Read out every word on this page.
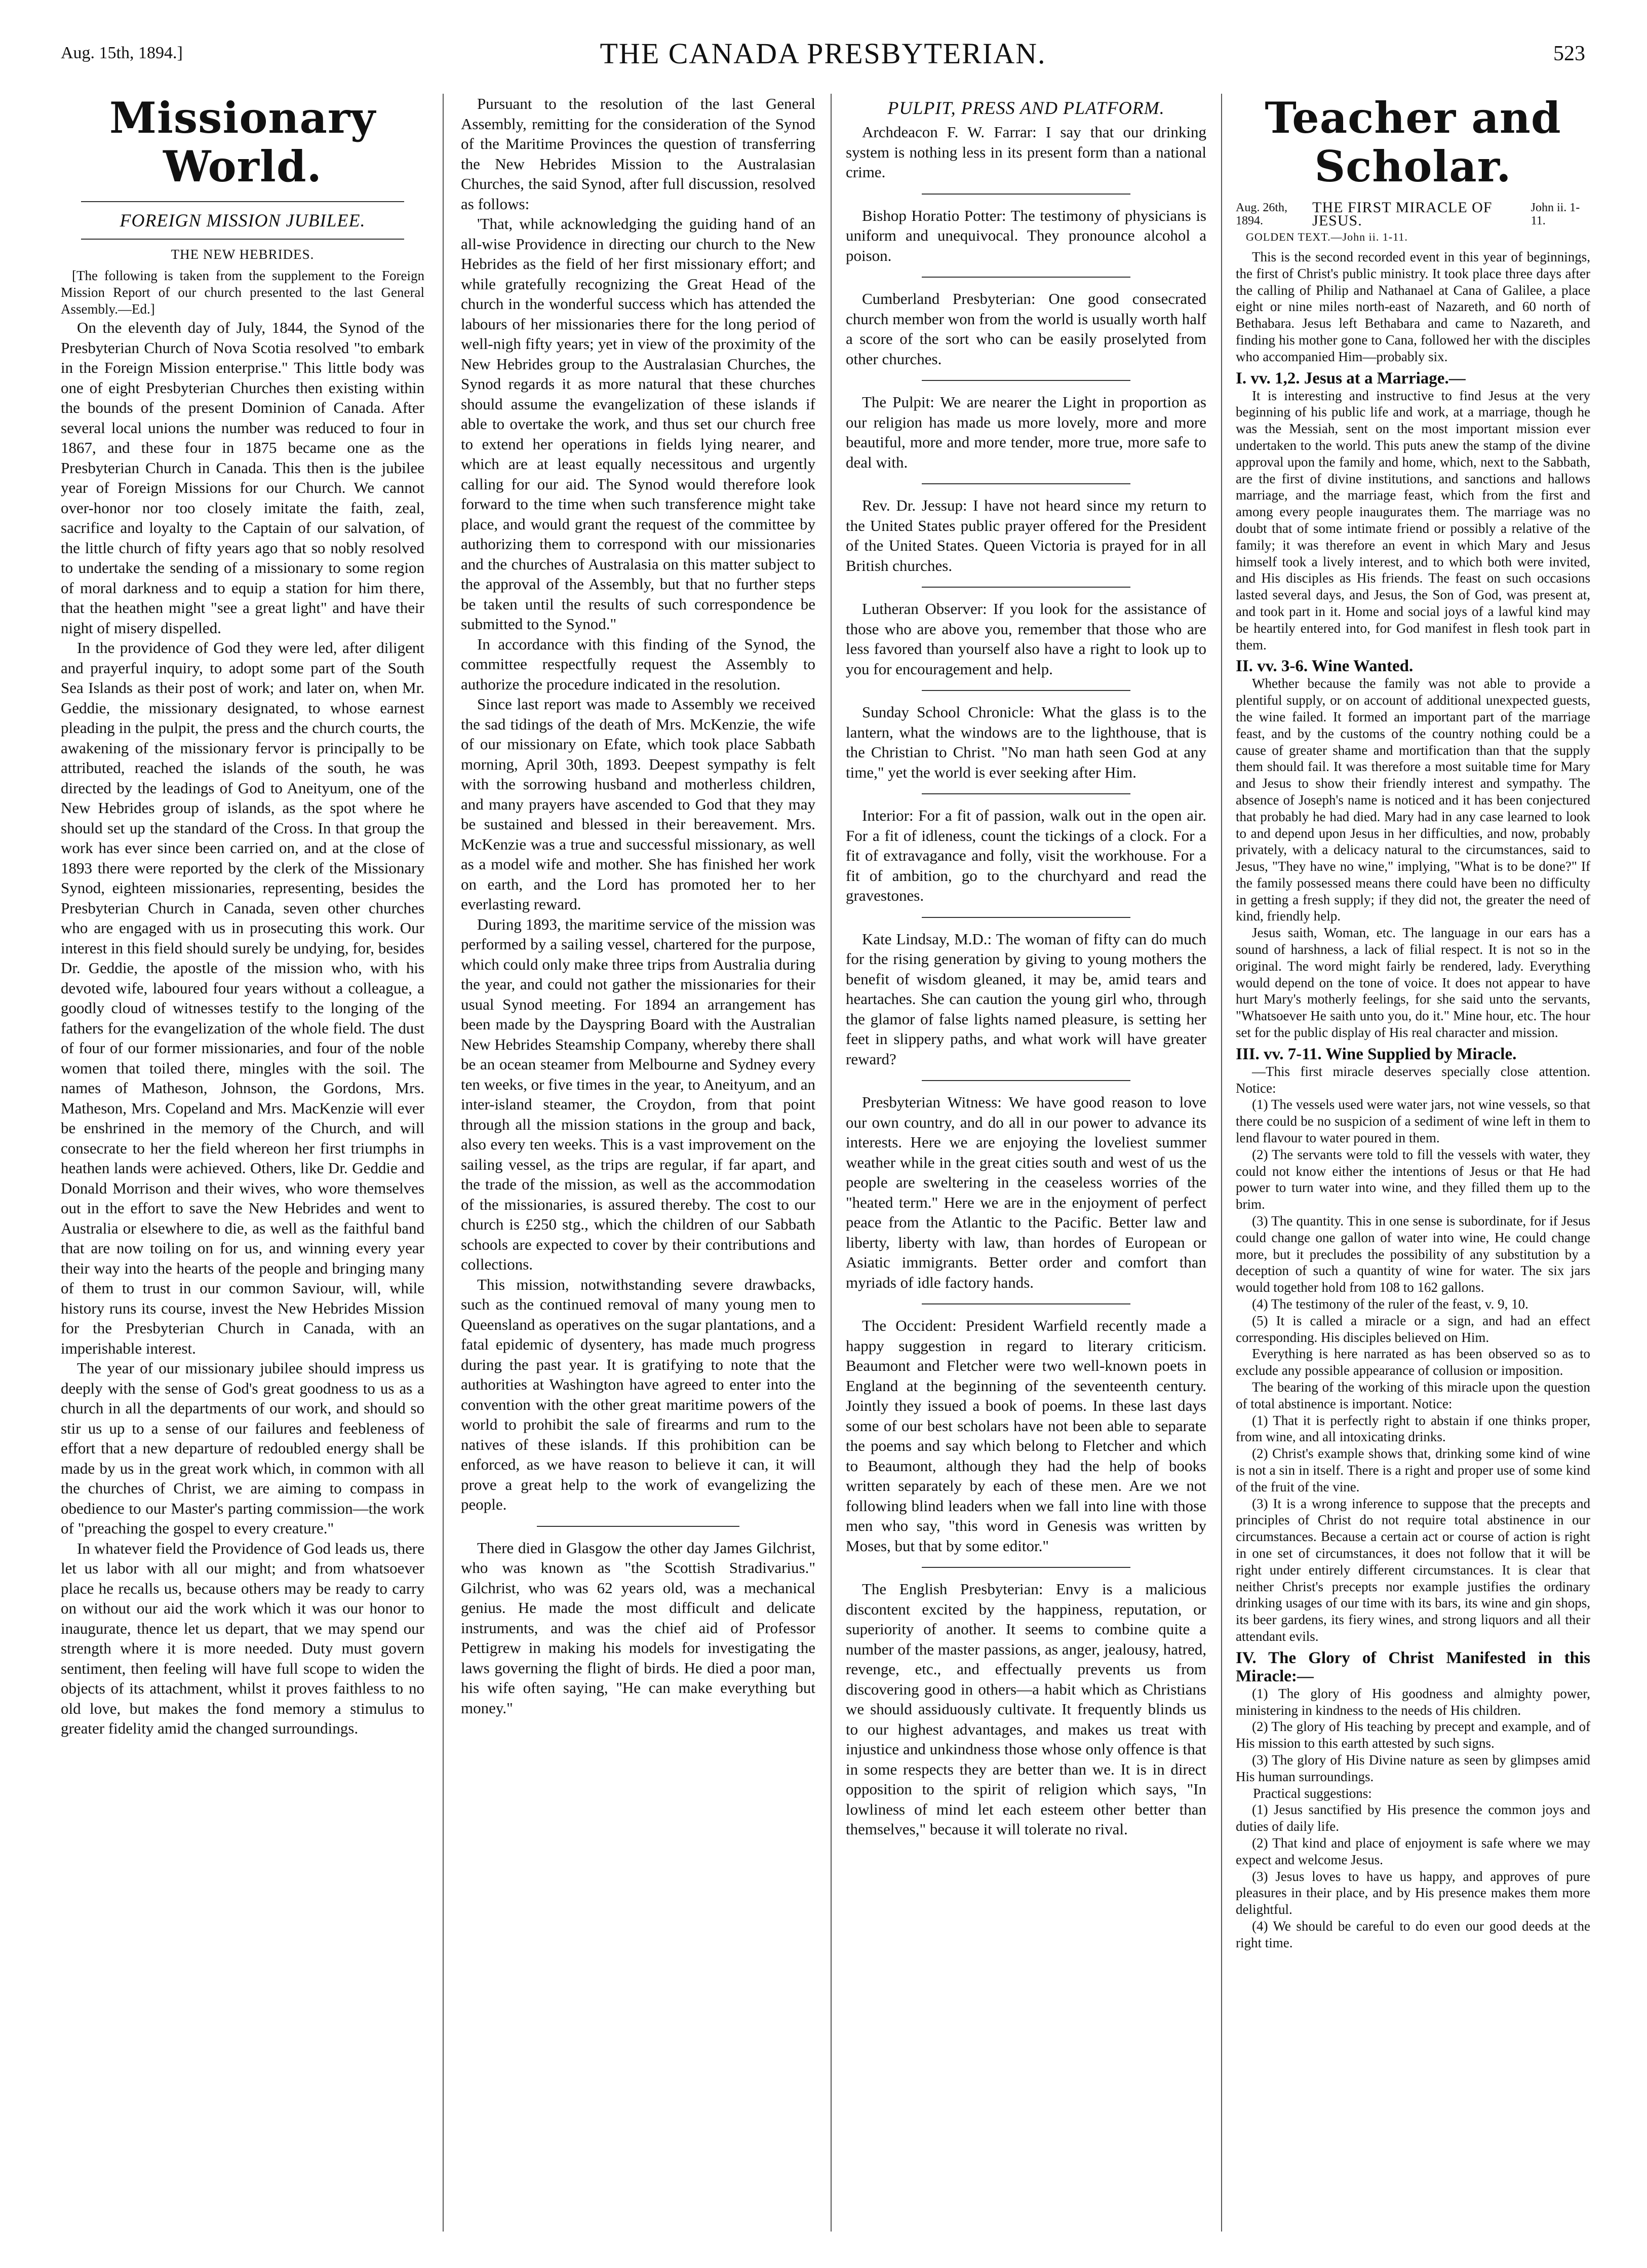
Aug. 15th, 1894.]	THE CANADA PRESBYTERIAN.	523
Missionary World.
FOREIGN MISSION JUBILEE.
THE NEW HEBRIDES.

[The following is taken from the supplement to the Foreign Mission Report of our church presented to the last General Assembly.—Ed.]

On the eleventh day of July, 1844, the Synod of the Presbyterian Church of Nova Scotia resolved "to embark in the Foreign Mission enterprise." This little body was one of eight Presbyterian Churches then existing within the bounds of the present Dominion of Canada. After several local unions the number was reduced to four in 1867, and these four in 1875 became one as the Presbyterian Church in Canada. This then is the jubilee year of Foreign Missions for our Church. We cannot over-honor nor too closely imitate the faith, zeal, sacrifice and loyalty to the Captain of our salvation, of the little church of fifty years ago that so nobly resolved to undertake the sending of a missionary to some region of moral darkness and to equip a station for him there, that the heathen might "see a great light" and have their night of misery dispelled.

In the providence of God they were led, after diligent and prayerful inquiry, to adopt some part of the South Sea Islands as their post of work; and later on, when Mr. Geddie, the missionary designated, to whose earnest pleading in the pulpit, the press and the church courts, the awakening of the missionary fervor is principally to be attributed, reached the islands of the south, he was directed by the leadings of God to Aneityum, one of the New Hebrides group of islands, as the spot where he should set up the standard of the Cross. In that group the work has ever since been carried on, and at the close of 1893 there were reported by the clerk of the Missionary Synod, eighteen missionaries, representing, besides the Presbyterian Church in Canada, seven other churches who are engaged with us in prosecuting this work. Our interest in this field should surely be undying, for, besides Dr. Geddie, the apostle of the mission who, with his devoted wife, laboured four years without a colleague, a goodly cloud of witnesses testify to the longing of the fathers for the evangelization of the whole field. The dust of four of our former missionaries, and four of the noble women that toiled there, mingles with the soil. The names of Matheson, Johnson, the Gordons, Mrs. Matheson, Mrs. Copeland and Mrs. MacKenzie will ever be enshrined in the memory of the Church, and will consecrate to her the field whereon her first triumphs in heathen lands were achieved. Others, like Dr. Geddie and Donald Morrison and their wives, who wore themselves out in the effort to save the New Hebrides and went to Australia or elsewhere to die, as well as the faithful band that are now toiling on for us, and winning every year their way into the hearts of the people and bringing many of them to trust in our common Saviour, will, while history runs its course, invest the New Hebrides Mission for the Presbyterian Church in Canada, with an imperishable interest.

The year of our missionary jubilee should impress us deeply with the sense of God's great goodness to us as a church in all the departments of our work, and should so stir us up to a sense of our failures and feebleness of effort that a new departure of redoubled energy shall be made by us in the great work which, in common with all the churches of Christ, we are aiming to compass in obedience to our Master's parting commission—the work of "preaching the gospel to every creature."

In whatever field the Providence of God leads us, there let us labor with all our might; and from whatsoever place he recalls us, because others may be ready to carry on without our aid the work which it was our honor to inaugurate, thence let us depart, that we may spend our strength where it is more needed. Duty must govern sentiment, then feeling will have full scope to widen the objects of its attachment, whilst it proves faithless to no old love, but makes the fond memory a stimulus to greater fidelity amid the changed surroundings.

Pursuant to the resolution of the last General Assembly, remitting for the consideration of the Synod of the Maritime Provinces the question of transferring the New Hebrides Mission to the Australasian Churches, the said Synod, after full discussion, resolved as follows:

'That, while acknowledging the guiding hand of an all-wise Providence in directing our church to the New Hebrides as the field of her first missionary effort; and while gratefully recognizing the Great Head of the church in the wonderful success which has attended the labours of her missionaries there for the long period of well-nigh fifty years; yet in view of the proximity of the New Hebrides group to the Australasian Churches, the Synod regards it as more natural that these churches should assume the evangelization of these islands if able to overtake the work, and thus set our church free to extend her operations in fields lying nearer, and which are at least equally necessitous and urgently calling for our aid. The Synod would therefore look forward to the time when such transference might take place, and would grant the request of the committee by authorizing them to correspond with our missionaries and the churches of Australasia on this matter subject to the approval of the Assembly, but that no further steps be taken until the results of such correspondence be submitted to the Synod."

In accordance with this finding of the Synod, the committee respectfully request the Assembly to authorize the procedure indicated in the resolution.

Since last report was made to Assembly we received the sad tidings of the death of Mrs. McKenzie, the wife of our missionary on Efate, which took place Sabbath morning, April 30th, 1893. Deepest sympathy is felt with the sorrowing husband and motherless children, and many prayers have ascended to God that they may be sustained and blessed in their bereavement. Mrs. McKenzie was a true and successful missionary, as well as a model wife and mother. She has finished her work on earth, and the Lord has promoted her to her everlasting reward.

During 1893, the maritime service of the mission was performed by a sailing vessel, chartered for the purpose, which could only make three trips from Australia during the year, and could not gather the missionaries for their usual Synod meeting. For 1894 an arrangement has been made by the Dayspring Board with the Australian New Hebrides Steamship Company, whereby there shall be an ocean steamer from Melbourne and Sydney every ten weeks, or five times in the year, to Aneityum, and an inter-island steamer, the Croydon, from that point through all the mission stations in the group and back, also every ten weeks. This is a vast improvement on the sailing vessel, as the trips are regular, if far apart, and the trade of the mission, as well as the accommodation of the missionaries, is assured thereby. The cost to our church is £250 stg., which the children of our Sabbath schools are expected to cover by their contributions and collections.

This mission, notwithstanding severe drawbacks, such as the continued removal of many young men to Queensland as operatives on the sugar plantations, and a fatal epidemic of dysentery, has made much progress during the past year. It is gratifying to note that the authorities at Washington have agreed to enter into the convention with the other great maritime powers of the world to prohibit the sale of firearms and rum to the natives of these islands. If this prohibition can be enforced, as we have reason to believe it can, it will prove a great help to the work of evangelizing the people.

There died in Glasgow the other day James Gilchrist, who was known as "the Scottish Stradivarius." Gilchrist, who was 62 years old, was a mechanical genius. He made the most difficult and delicate instruments, and was the chief aid of Professor Pettigrew in making his models for investigating the laws governing the flight of birds. He died a poor man, his wife often saying, "He can make everything but money."

PULPIT, PRESS AND PLATFORM.

Archdeacon F. W. Farrar: I say that our drinking system is nothing less in its present form than a national crime.

Bishop Horatio Potter: The testimony of physicians is uniform and unequivocal. They pronounce alcohol a poison.

Cumberland Presbyterian: One good consecrated church member won from the world is usually worth half a score of the sort who can be easily proselyted from other churches.

The Pulpit: We are nearer the Light in proportion as our religion has made us more lovely, more and more beautiful, more and more tender, more true, more safe to deal with.

Rev. Dr. Jessup: I have not heard since my return to the United States public prayer offered for the President of the United States. Queen Victoria is prayed for in all British churches.

Lutheran Observer: If you look for the assistance of those who are above you, remember that those who are less favored than yourself also have a right to look up to you for encouragement and help.

Sunday School Chronicle: What the glass is to the lantern, what the windows are to the lighthouse, that is the Christian to Christ. "No man hath seen God at any time," yet the world is ever seeking after Him.

Interior: For a fit of passion, walk out in the open air. For a fit of idleness, count the tickings of a clock. For a fit of extravagance and folly, visit the workhouse. For a fit of ambition, go to the churchyard and read the gravestones.

Kate Lindsay, M.D.: The woman of fifty can do much for the rising generation by giving to young mothers the benefit of wisdom gleaned, it may be, amid tears and heartaches. She can caution the young girl who, through the glamor of false lights named pleasure, is setting her feet in slippery paths, and what work will have greater reward?

Presbyterian Witness: We have good reason to love our own country, and do all in our power to advance its interests. Here we are enjoying the loveliest summer weather while in the great cities south and west of us the people are sweltering in the ceaseless worries of the "heated term." Here we are in the enjoyment of perfect peace from the Atlantic to the Pacific. Better law and liberty, liberty with law, than hordes of European or Asiatic immigrants. Better order and comfort than myriads of idle factory hands.

The Occident: President Warfield recently made a happy suggestion in regard to literary criticism. Beaumont and Fletcher were two well-known poets in England at the beginning of the seventeenth century. Jointly they issued a book of poems. In these last days some of our best scholars have not been able to separate the poems and say which belong to Fletcher and which to Beaumont, although they had the help of books written separately by each of these men. Are we not following blind leaders when we fall into line with those men who say, "this word in Genesis was written by Moses, but that by some editor."

The English Presbyterian: Envy is a malicious discontent excited by the happiness, reputation, or superiority of another. It seems to combine quite a number of the master passions, as anger, jealousy, hatred, revenge, etc., and effectually prevents us from discovering good in others—a habit which as Christians we should assiduously cultivate. It frequently blinds us to our highest advantages, and makes us treat with injustice and unkindness those whose only offence is that in some respects they are better than we. It is in direct opposition to the spirit of religion which says, "In lowliness of mind let each esteem other better than themselves," because it will tolerate no rival.

Teacher and Scholar.
Aug. 26th, 1894.
THE FIRST MIRACLE OF JESUS.
John ii. 1-11.
GOLDEN TEXT.—John ii. 1-11.

This is the second recorded event in this year of beginnings, the first of Christ's public ministry. It took place three days after the calling of Philip and Nathanael at Cana of Galilee, a place eight or nine miles north-east of Nazareth, and 60 north of Bethabara. Jesus left Bethabara and came to Nazareth, and finding his mother gone to Cana, followed her with the disciples who accompanied Him—probably six.

I. vv. 1,2. Jesus at a Marriage.—

It is interesting and instructive to find Jesus at the very beginning of his public life and work, at a marriage, though he was the Messiah, sent on the most important mission ever undertaken to the world. This puts anew the stamp of the divine approval upon the family and home, which, next to the Sabbath, are the first of divine institutions, and sanctions and hallows marriage, and the marriage feast, which from the first and among every people inaugurates them. The marriage was no doubt that of some intimate friend or possibly a relative of the family; it was therefore an event in which Mary and Jesus himself took a lively interest, and to which both were invited, and His disciples as His friends. The feast on such occasions lasted several days, and Jesus, the Son of God, was present at, and took part in it. Home and social joys of a lawful kind may be heartily entered into, for God manifest in flesh took part in them.

II. vv. 3-6. Wine Wanted.

Whether because the family was not able to provide a plentiful supply, or on account of additional unexpected guests, the wine failed. It formed an important part of the marriage feast, and by the customs of the country nothing could be a cause of greater shame and mortification than that the supply them should fail. It was therefore a most suitable time for Mary and Jesus to show their friendly interest and sympathy. The absence of Joseph's name is noticed and it has been conjectured that probably he had died. Mary had in any case learned to look to and depend upon Jesus in her difficulties, and now, probably privately, with a delicacy natural to the circumstances, said to Jesus, "They have no wine," implying, "What is to be done?" If the family possessed means there could have been no difficulty in getting a fresh supply; if they did not, the greater the need of kind, friendly help.

Jesus saith, Woman, etc. The language in our ears has a sound of harshness, a lack of filial respect. It is not so in the original. The word might fairly be rendered, lady. Everything would depend on the tone of voice. It does not appear to have hurt Mary's motherly feelings, for she said unto the servants, "Whatsoever He saith unto you, do it." Mine hour, etc. The hour set for the public display of His real character and mission.

III. vv. 7-11. Wine Supplied by Miracle.

—This first miracle deserves specially close attention. Notice:

(1) The vessels used were water jars, not wine vessels, so that there could be no suspicion of a sediment of wine left in them to lend flavour to water poured in them.

(2) The servants were told to fill the vessels with water, they could not know either the intentions of Jesus or that He had power to turn water into wine, and they filled them up to the brim.

(3) The quantity. This in one sense is subordinate, for if Jesus could change one gallon of water into wine, He could change more, but it precludes the possibility of any substitution by a deception of such a quantity of wine for water. The six jars would together hold from 108 to 162 gallons.

(4) The testimony of the ruler of the feast, v. 9, 10.

(5) It is called a miracle or a sign, and had an effect corresponding. His disciples believed on Him.

Everything is here narrated as has been observed so as to exclude any possible appearance of collusion or imposition.

The bearing of the working of this miracle upon the question of total abstinence is important. Notice:

(1) That it is perfectly right to abstain if one thinks proper, from wine, and all intoxicating drinks.

(2) Christ's example shows that, drinking some kind of wine is not a sin in itself. There is a right and proper use of some kind of the fruit of the vine.

(3) It is a wrong inference to suppose that the precepts and principles of Christ do not require total abstinence in our circumstances. Because a certain act or course of action is right in one set of circumstances, it does not follow that it will be right under entirely different circumstances. It is clear that neither Christ's precepts nor example justifies the ordinary drinking usages of our time with its bars, its wine and gin shops, its beer gardens, its fiery wines, and strong liquors and all their attendant evils.

IV. The Glory of Christ Manifested in this Miracle:—

(1) The glory of His goodness and almighty power, ministering in kindness to the needs of His children.

(2) The glory of His teaching by precept and example, and of His mission to this earth attested by such signs.

(3) The glory of His Divine nature as seen by glimpses amid His human surroundings.

Practical suggestions:

(1) Jesus sanctified by His presence the common joys and duties of daily life.

(2) That kind and place of enjoyment is safe where we may expect and welcome Jesus.

(3) Jesus loves to have us happy, and approves of pure pleasures in their place, and by His presence makes them more delightful.

(4) We should be careful to do even our good deeds at the right time.
